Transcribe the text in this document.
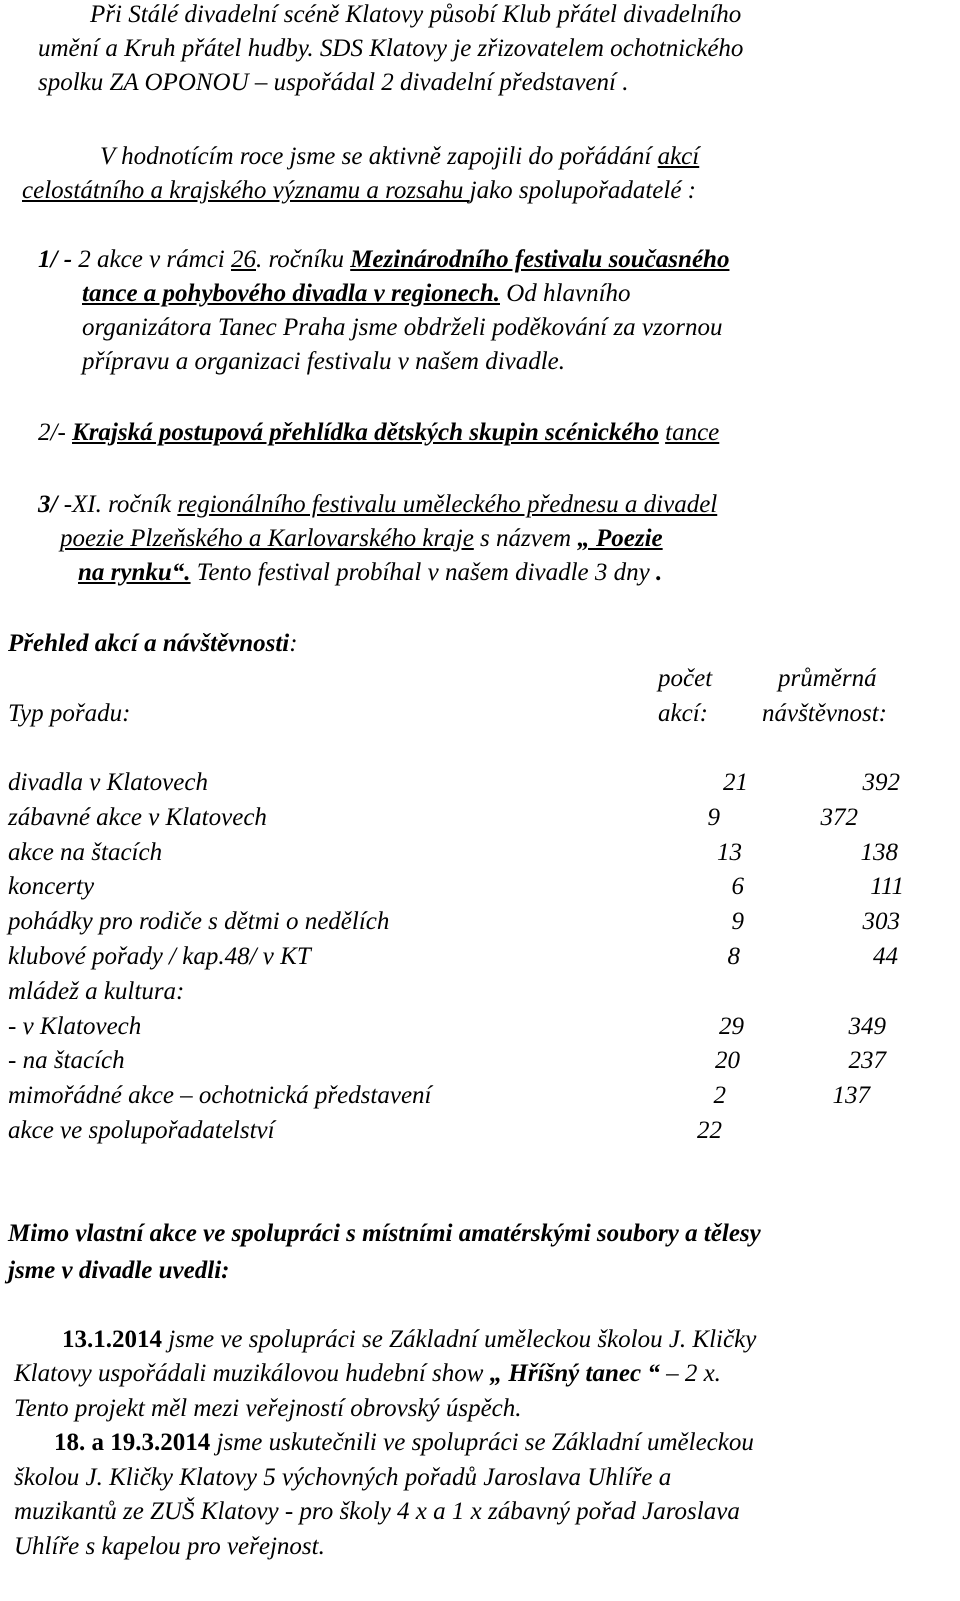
Při Stálé divadelní scéně Klatovy působí Klub přátel divadelního
umění a Kruh přátel hudby. SDS Klatovy je zřizovatelem ochotnického
spolku ZA OPONOU – uspořádal 2 divadelní představení .
V hodnotícím roce jsme se aktivně zapojili do pořádání akcí
celostátního a krajského významu a rozsahu jako spolupořadatelé :
1/ - 2 akce v rámci 26. ročníku Mezinárodního festivalu současného
tance a pohybového divadla v regionech. Od hlavního
organizátora Tanec Praha jsme obdrželi poděkování za vzornou
přípravu a organizaci festivalu v našem divadle.
2/- Krajská postupová přehlídka dětských skupin scénického tance
3/ -XI. ročník regionálního festivalu uměleckého přednesu a divadel
poezie Plzeňského a Karlovarského kraje s názvem „ Poezie
na rynku“. Tento festival probíhal v našem divadle 3 dny .
Přehled akcí a návštěvnosti:
počet	průměrná
Typ pořadu:	akcí: návštěvnost:
divadla v Klatovech	21	392
zábavné akce v Klatovech	9	372
akce na štacích	13	138
koncerty	6	111
pohádky pro rodiče s dětmi o nedělích	9	303
klubové pořady / kap.48/ v KT	8	44
mládež a kultura:
- v Klatovech	29	349
- na štacích	20	237
mimořádné akce – ochotnická představení	2	137
akce ve spolupořadatelství	22
Mimo vlastní akce ve spolupráci s místními amatérskými soubory a tělesy
jsme v divadle uvedli:
13.1.2014 jsme ve spolupráci se Základní uměleckou školou J. Kličky
Klatovy uspořádali muzikálovou hudební show „ Hříšný tanec “ – 2 x.
Tento projekt měl mezi veřejností obrovský úspěch.
18. a 19.3.2014 jsme uskutečnili ve spolupráci se Základní uměleckou
školou J. Kličky Klatovy 5 výchovných pořadů Jaroslava Uhlíře a
muzikantů ze ZUŠ Klatovy - pro školy 4 x a 1 x zábavný pořad Jaroslava
Uhlíře s kapelou pro veřejnost.
